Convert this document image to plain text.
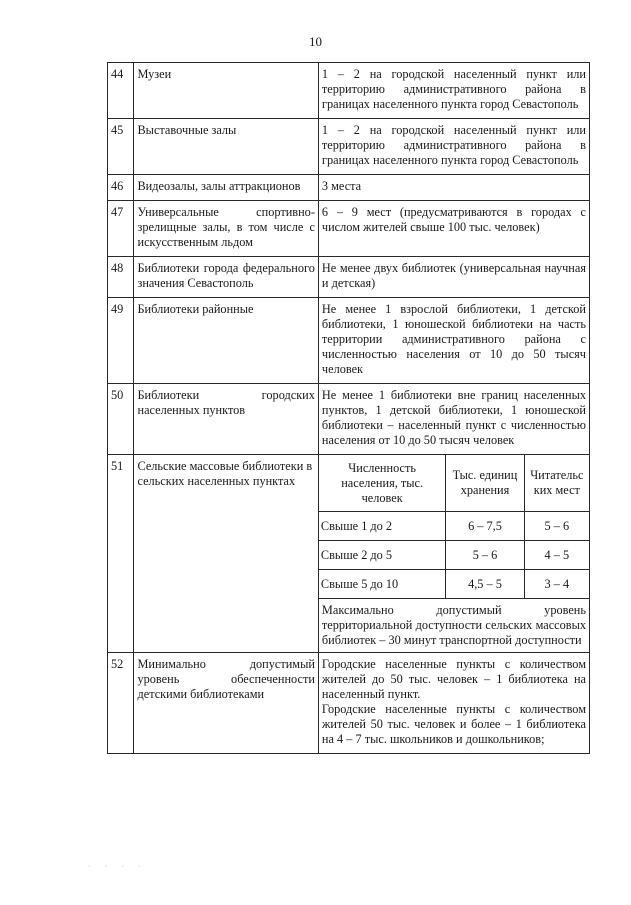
10
44	Музеи	1 – 2 на городской населенный пункт или территорию административного района в границах населенного пункта город Севастополь
45	Выставочные залы	1 – 2 на городской населенный пункт или территорию административного района в границах населенного пункта город Севастополь
46	Видеозалы, залы аттракционов	3 места
47	Универсальные спортивно-зрелищные залы, в том числе с искусственным льдом	6 – 9 мест (предусматриваются в городах с числом жителей свыше 100 тыс. человек)
48	Библиотеки города федерального значения Севастополь	Не менее двух библиотек (универсальная научная и детская)
49	Библиотеки районные	Не менее 1 взрослой библиотеки, 1 детской библиотеки, 1 юношеской библиотеки на часть территории административного района с численностью населения от 10 до 50 тысяч человек
50	Библиотеки городских населенных пунктов	Не менее 1 библиотеки вне границ населенных пунктов, 1 детской библиотеки, 1 юношеской библиотеки – населенный пункт с численностью населения от 10 до 50 тысяч человек
51	Сельские массовые библиотеки в сельских населенных пунктах	
Численность населения, тыс. человек	Тыс. единиц хранения	Читательс ких мест
Свыше 1 до 2	6 – 7,5	5 – 6
Свыше 2 до 5	5 – 6	4 – 5
Свыше 5 до 10	4,5 – 5	3 – 4
Максимально допустимый уровень территориальной доступности сельских массовых библиотек – 30 минут транспортной доступности

52	Минимально допустимый уровень обеспеченности детскими библиотеками	
Городские населенные пункты с количеством жителей до 50 тыс. человек – 1 библиотека на населенный пункт.
Городские населенные пункты с количеством жителей 50 тыс. человек и более – 1 библиотека на 4 – 7 тыс. школьников и дошкольников;
· · · ·
